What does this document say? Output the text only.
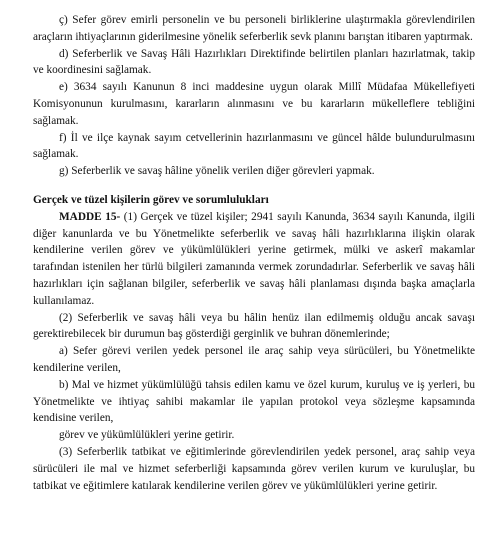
ç) Sefer görev emirli personelin ve bu personeli birliklerine ulaştırmakla görevlendirilen araçların ihtiyaçlarının giderilmesine yönelik seferberlik sevk planını barıştan itibaren yaptırmak.

d) Seferberlik ve Savaş Hâli Hazırlıkları Direktifinde belirtilen planları hazırlatmak, takip ve koordinesini sağlamak.

e) 3634 sayılı Kanunun 8 inci maddesine uygun olarak Millî Müdafaa Mükellefiyeti Komisyonunun kurulmasını, kararların alınmasını ve bu kararların mükelleflere tebliğini sağlamak.

f) İl ve ilçe kaynak sayım cetvellerinin hazırlanmasını ve güncel hâlde bulundurulmasını sağlamak.

g) Seferberlik ve savaş hâline yönelik verilen diğer görevleri yapmak.

Gerçek ve tüzel kişilerin görev ve sorumlulukları

MADDE 15- (1) Gerçek ve tüzel kişiler; 2941 sayılı Kanunda, 3634 sayılı Kanunda, ilgili diğer kanunlarda ve bu Yönetmelikte seferberlik ve savaş hâli hazırlıklarına ilişkin olarak kendilerine verilen görev ve yükümlülükleri yerine getirmek, mülki ve askerî makamlar tarafından istenilen her türlü bilgileri zamanında vermek zorundadırlar. Seferberlik ve savaş hâli hazırlıkları için sağlanan bilgiler, seferberlik ve savaş hâli planlaması dışında başka amaçlarla kullanılamaz.

(2) Seferberlik ve savaş hâli veya bu hâlin henüz ilan edilmemiş olduğu ancak savaşı gerektirebilecek bir durumun baş gösterdiği gerginlik ve buhran dönemlerinde;

a) Sefer görevi verilen yedek personel ile araç sahip veya sürücüleri, bu Yönetmelikte kendilerine verilen,

b) Mal ve hizmet yükümlülüğü tahsis edilen kamu ve özel kurum, kuruluş ve iş yerleri, bu Yönetmelikte ve ihtiyaç sahibi makamlar ile yapılan protokol veya sözleşme kapsamında kendisine verilen,

görev ve yükümlülükleri yerine getirir.

(3) Seferberlik tatbikat ve eğitimlerinde görevlendirilen yedek personel, araç sahip veya sürücüleri ile mal ve hizmet seferberliği kapsamında görev verilen kurum ve kuruluşlar, bu tatbikat ve eğitimlere katılarak kendilerine verilen görev ve yükümlülükleri yerine getirir.
